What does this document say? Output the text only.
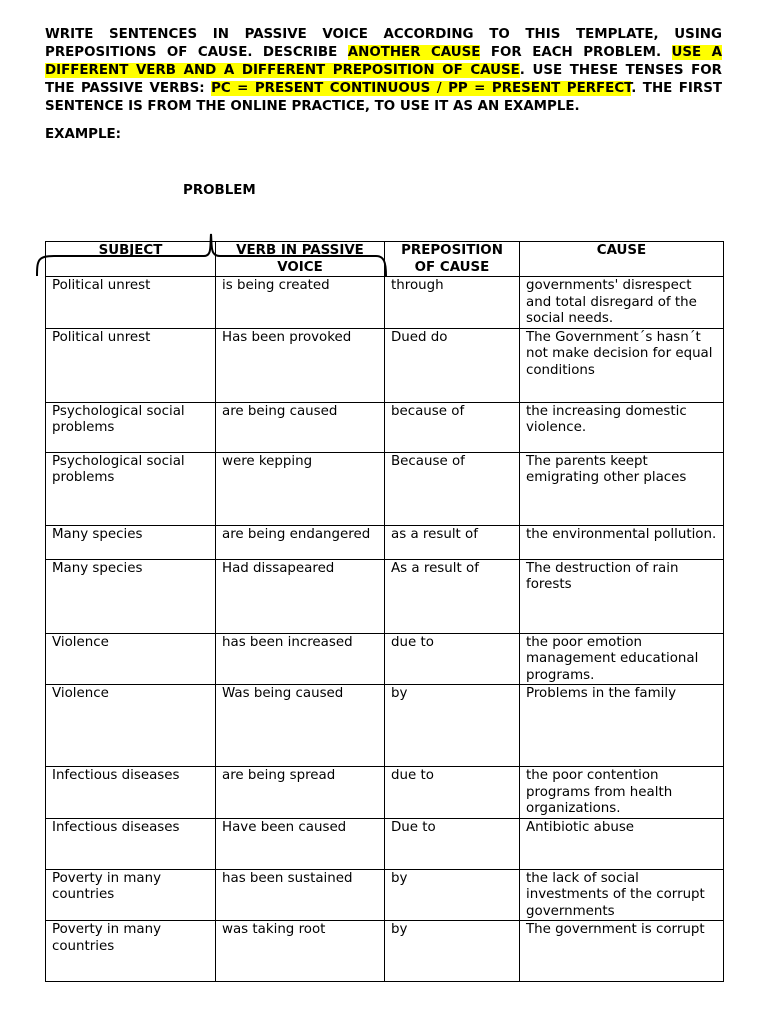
WRITE SENTENCES IN PASSIVE VOICE ACCORDING TO THIS TEMPLATE, USING PREPOSITIONS OF CAUSE. DESCRIBE ANOTHER CAUSE FOR EACH PROBLEM. USE A DIFFERENT VERB AND A DIFFERENT PREPOSITION OF CAUSE. USE THESE TENSES FOR THE PASSIVE VERBS: PC = PRESENT CONTINUOUS / PP = PRESENT PERFECT. THE FIRST SENTENCE IS FROM THE ONLINE PRACTICE, TO USE IT AS AN EXAMPLE.
EXAMPLE:
PROBLEM
SUBJECT	VERB IN PASSIVE VOICE	PREPOSITION OF CAUSE	CAUSE
Political unrest	is being created	through	governments' disrespect and total disregard of the social needs.
Political unrest	Has been provoked	Dued do	The Government´s hasn´t not make decision for equal conditions
Psychological social problems	are being caused	because of	the increasing domestic violence.
Psychological social problems	were kepping	Because of	The parents keept emigrating other places
Many species	are being endangered	as a result of	the environmental pollution.
Many species	Had dissapeared	As a result of	The destruction of rain forests
Violence	has been increased	due to	the poor emotion management educational programs.
Violence	Was being caused	by	Problems in the family
Infectious diseases	are being spread	due to	the poor contention programs from health organizations.
Infectious diseases	Have been caused	Due to	Antibiotic abuse
Poverty in many countries	has been sustained	by	the lack of social investments of the corrupt governments
Poverty in many countries	was taking root	by	The government is corrupt
